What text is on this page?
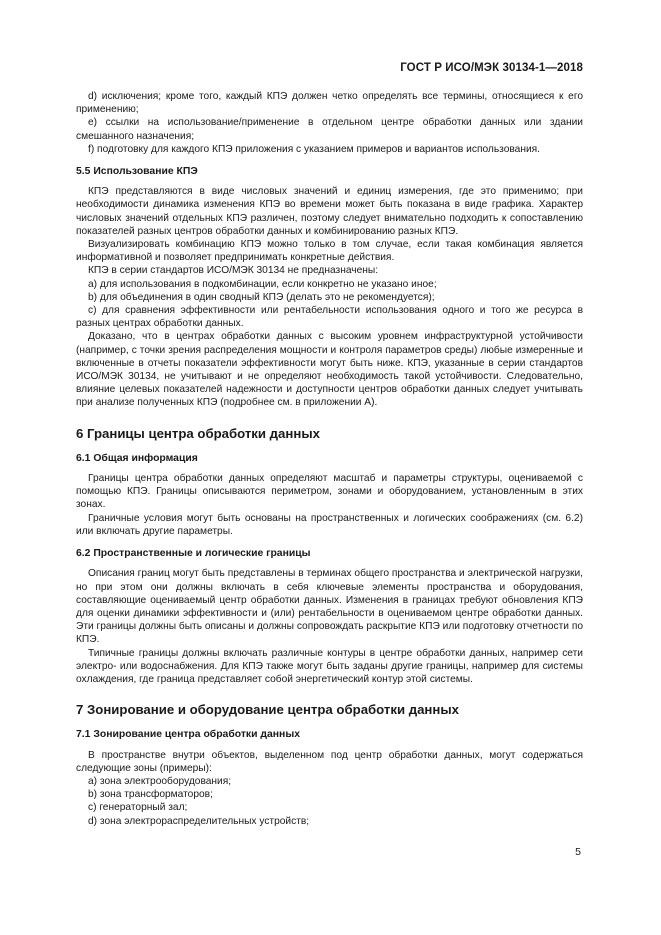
ГОСТ Р ИСО/МЭК 30134-1—2018

d) исключения; кроме того, каждый КПЭ должен четко определять все термины, относящиеся к его применению;

e) ссылки на использование/применение в отдельном центре обработки данных или здании смешанного назначения;

f) подготовку для каждого КПЭ приложения с указанием примеров и вариантов использования.

5.5 Использование КПЭ

КПЭ представляются в виде числовых значений и единиц измерения, где это применимо; при необходимости динамика изменения КПЭ во времени может быть показана в виде графика. Характер числовых значений отдельных КПЭ различен, поэтому следует внимательно подходить к сопоставлению показателей разных центров обработки данных и комбинированию разных КПЭ.

Визуализировать комбинацию КПЭ можно только в том случае, если такая комбинация является информативной и позволяет предпринимать конкретные действия.

КПЭ в серии стандартов ИСО/МЭК 30134 не предназначены:

a) для использования в подкомбинации, если конкретно не указано иное;

b) для объединения в один сводный КПЭ (делать это не рекомендуется);

c) для сравнения эффективности или рентабельности использования одного и того же ресурса в разных центрах обработки данных.

Доказано, что в центрах обработки данных с высоким уровнем инфраструктурной устойчивости (например, с точки зрения распределения мощности и контроля параметров среды) любые измеренные и включенные в отчеты показатели эффективности могут быть ниже. КПЭ, указанные в серии стандартов ИСО/МЭК 30134, не учитывают и не определяют необходимость такой устойчивости. Следовательно, влияние целевых показателей надежности и доступности центров обработки данных следует учитывать при анализе полученных КПЭ (подробнее см. в приложении А).

6 Границы центра обработки данных
6.1 Общая информация

Границы центра обработки данных определяют масштаб и параметры структуры, оцениваемой с помощью КПЭ. Границы описываются периметром, зонами и оборудованием, установленным в этих зонах.

Граничные условия могут быть основаны на пространственных и логических соображениях (см. 6.2) или включать другие параметры.

6.2 Пространственные и логические границы

Описания границ могут быть представлены в терминах общего пространства и электрической нагрузки, но при этом они должны включать в себя ключевые элементы пространства и оборудования, составляющие оцениваемый центр обработки данных. Изменения в границах требуют обновления КПЭ для оценки динамики эффективности и (или) рентабельности в оцениваемом центре обработки данных. Эти границы должны быть описаны и должны сопровождать раскрытие КПЭ или подготовку отчетности по КПЭ.

Типичные границы должны включать различные контуры в центре обработки данных, например сети электро- или водоснабжения. Для КПЭ также могут быть заданы другие границы, например для системы охлаждения, где граница представляет собой энергетический контур этой системы.

7 Зонирование и оборудование центра обработки данных
7.1 Зонирование центра обработки данных

В пространстве внутри объектов, выделенном под центр обработки данных, могут содержаться следующие зоны (примеры):

a) зона электрооборудования;

b) зона трансформаторов;

c) генераторный зал;

d) зона электрораспределительных устройств;

5
